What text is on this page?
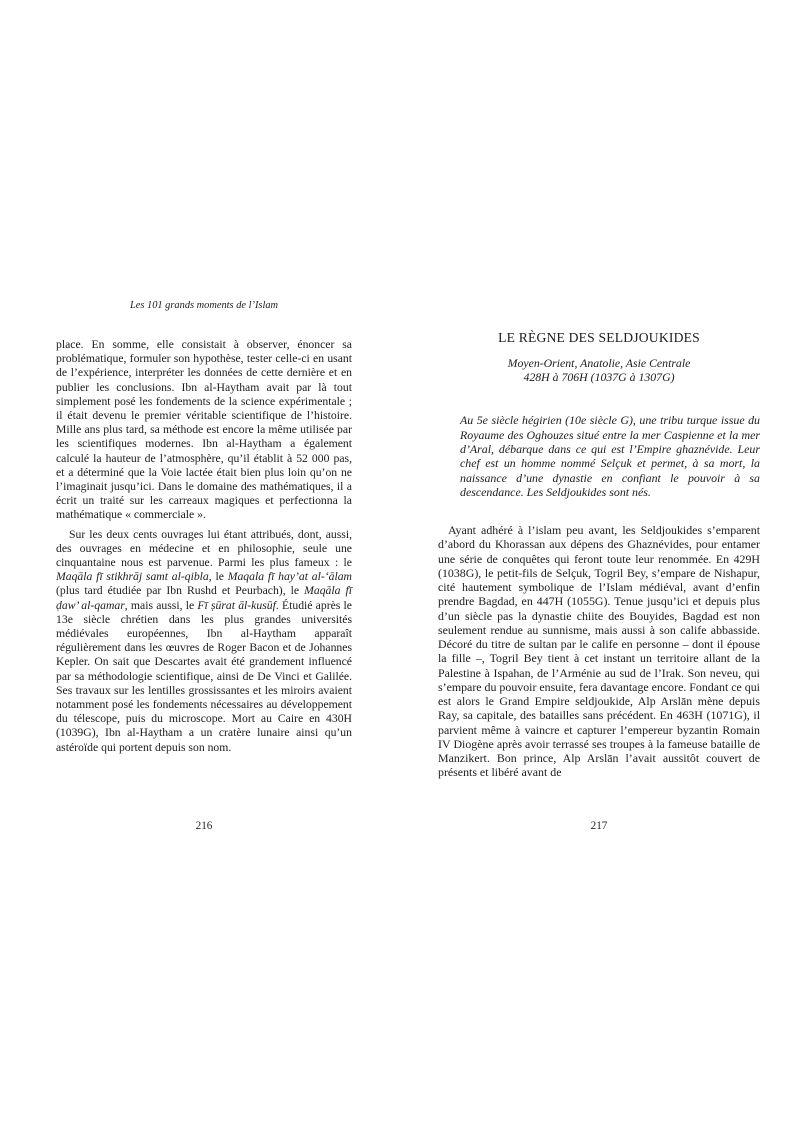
Les 101 grands moments de l’Islam

place. En somme, elle consistait à observer, énoncer sa problématique, formuler son hypothèse, tester celle-ci en usant de l’expérience, interpréter les données de cette dernière et en publier les conclusions. Ibn al-Haytham avait par là tout simplement posé les fondements de la science expérimentale ; il était devenu le premier véritable scientifique de l’histoire. Mille ans plus tard, sa méthode est encore la même utilisée par les scientifiques modernes. Ibn al-Haytham a également calculé la hauteur de l’atmosphère, qu’il établit à 52 000 pas, et a déterminé que la Voie lactée était bien plus loin qu’on ne l’imaginait jusqu’ici. Dans le domaine des mathématiques, il a écrit un traité sur les carreaux magiques et perfectionna la mathématique « commerciale ».

Sur les deux cents ouvrages lui étant attribués, dont, aussi, des ouvrages en médecine et en philosophie, seule une cinquantaine nous est parvenue. Parmi les plus fameux : le Maqāla fī stikhrāj samt al-qibla, le Maqala fī hay’at al-‘ālam (plus tard étudiée par Ibn Rushd et Peurbach), le Maqāla fī ḍaw’ al-qamar, mais aussi, le Fī ṣūrat āl-kusūf. Étudié après le 13e siècle chrétien dans les plus grandes universités médiévales européennes, Ibn al-Haytham apparaît régulièrement dans les œuvres de Roger Bacon et de Johannes Kepler. On sait que Descartes avait été grandement influencé par sa méthodologie scientifique, ainsi de De Vinci et Galilée. Ses travaux sur les lentilles grossissantes et les miroirs avaient notamment posé les fondements nécessaires au développement du télescope, puis du microscope. Mort au Caire en 430H (1039G), Ibn al-Haytham a un cratère lunaire ainsi qu’un astéroïde qui portent depuis son nom.

216
LE RÈGNE DES SELDJOUKIDES
Moyen-Orient, Anatolie, Asie Centrale
428H à 706H (1037G à 1307G)

Au 5e siècle hégirien (10e siècle G), une tribu turque issue du Royaume des Oghouzes situé entre la mer Caspienne et la mer d’Aral, débarque dans ce qui est l’Empire ghaznévide. Leur chef est un homme nommé Selçuk et permet, à sa mort, la naissance d’une dynastie en confiant le pouvoir à sa descendance. Les Seldjoukides sont nés.

Ayant adhéré à l’islam peu avant, les Seldjoukides s’emparent d’abord du Khorassan aux dépens des Ghaznévides, pour entamer une série de conquêtes qui feront toute leur renommée. En 429H (1038G), le petit-fils de Selçuk, Togril Bey, s’empare de Nishapur, cité hautement symbolique de l’Islam médiéval, avant d’enfin prendre Bagdad, en 447H (1055G). Tenue jusqu’ici et depuis plus d’un siècle pas la dynastie chiite des Bouyides, Bagdad est non seulement rendue au sunnisme, mais aussi à son calife abbasside. Décoré du titre de sultan par le calife en personne – dont il épouse la fille –, Togril Bey tient à cet instant un territoire allant de la Palestine à Ispahan, de l’Arménie au sud de l’Irak. Son neveu, qui s’empare du pouvoir ensuite, fera davantage encore. Fondant ce qui est alors le Grand Empire seldjoukide, Alp Arslān mène depuis Ray, sa capitale, des batailles sans précédent. En 463H (1071G), il parvient même à vaincre et capturer l’empereur byzantin Romain IV Diogène après avoir terrassé ses troupes à la fameuse bataille de Manzikert. Bon prince, Alp Arslān l’avait aussitôt couvert de présents et libéré avant de

217
